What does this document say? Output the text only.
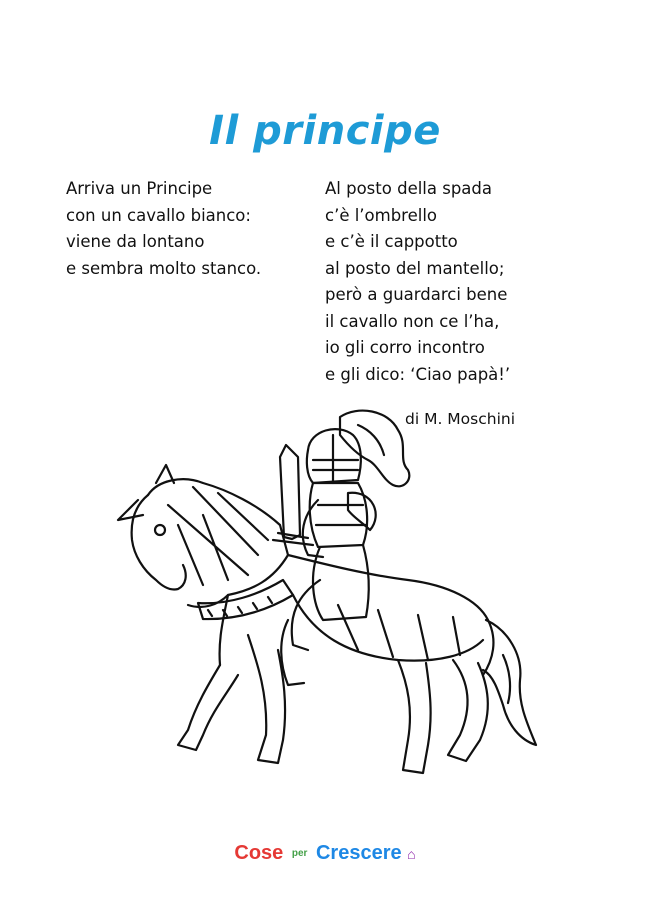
Il principe
Arriva un Principe
con un cavallo bianco:
viene da lontano
e sembra molto stanco.
Al posto della spada
c’è l’ombrello
e c’è il cappotto
al posto del mantello;
però a guardarci bene
il cavallo non ce l’ha,
io gli corro incontro
e gli dico: ‘Ciao papà!’
di M. Moschini
Cose per Crescere ⌂
